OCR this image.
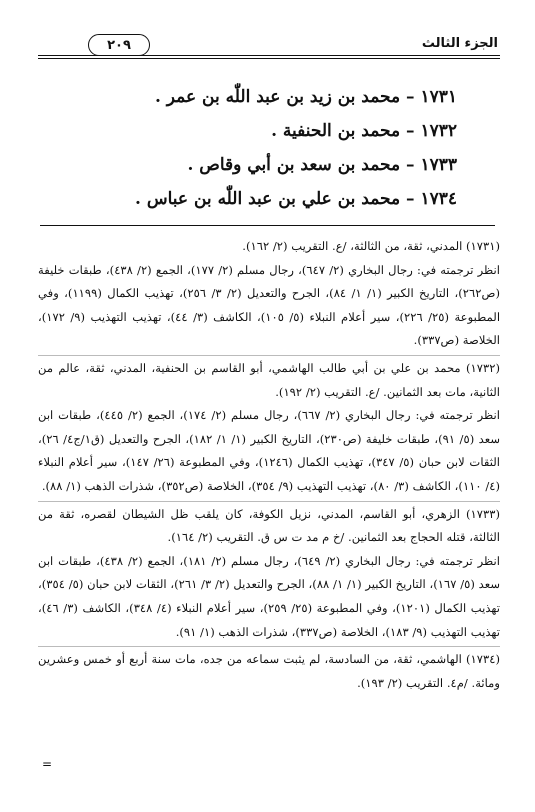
الجزء الثالث
٢٠٩
١٧٣١ – محمد بن زيد بن عبد اللّٰه بن عمر .
١٧٣٢ – محمد بن الحنفية .
١٧٣٣ – محمد بن سعد بن أبي وقاص .
١٧٣٤ – محمد بن علي بن عبد اللّٰه بن عباس .
(١٧٣١) المدني، ثقة، من الثالثة، /ع. التقريب (٢/ ١٦٢).
انظر ترجمته في: رجال البخاري (٢/ ٦٤٧)، رجال مسلم (٢/ ١٧٧)، الجمع (٢/ ٤٣٨)، طبقات خليفة (ص٢٦٢)، التاريخ الكبير (١/ ١/ ٨٤)، الجرح والتعديل (٢/ ٣/ ٢٥٦)، تهذيب الكمال (١١٩٩)، وفي المطبوعة (٢٥/ ٢٢٦)، سير أعلام النبلاء (٥/ ١٠٥)، الكاشف (٣/ ٤٤)، تهذيب التهذيب (٩/ ١٧٢)، الخلاصة (ص٣٣٧).
(١٧٣٢) محمد بن علي بن أبي طالب الهاشمي، أبو القاسم بن الحنفية، المدني، ثقة، عالم من الثانية، مات بعد الثمانين. /ع. التقريب (٢/ ١٩٢).
انظر ترجمته في: رجال البخاري (٢/ ٦٦٧)، رجال مسلم (٢/ ١٧٤)، الجمع (٢/ ٤٤٥)، طبقات ابن سعد (٥/ ٩١)، طبقات خليفة (ص٢٣٠)، التاريخ الكبير (١/ ١/ ١٨٢)، الجرح والتعديل (ق١/ج٤/ ٢٦)، الثقات لابن حبان (٥/ ٣٤٧)، تهذيب الكمال (١٢٤٦)، وفي المطبوعة (٢٦/ ١٤٧)، سير أعلام النبلاء (٤/ ١١٠)، الكاشف (٣/ ٨٠)، تهذيب التهذيب (٩/ ٣٥٤)، الخلاصة (ص٣٥٢)، شذرات الذهب (١/ ٨٨).
(١٧٣٣) الزهري، أبو القاسم، المدني، نزيل الكوفة، كان يلقب ظل الشيطان لقصره، ثقة من الثالثة، قتله الحجاج بعد الثمانين. /خ م مد ت س ق. التقريب (٢/ ١٦٤).
انظر ترجمته في: رجال البخاري (٢/ ٦٤٩)، رجال مسلم (٢/ ١٨١)، الجمع (٢/ ٤٣٨)، طبقات ابن سعد (٥/ ١٦٧)، التاريخ الكبير (١/ ١/ ٨٨)، الجرح والتعديل (٢/ ٣/ ٢٦١)، الثقات لابن حبان (٥/ ٣٥٤)، تهذيب الكمال (١٢٠١)، وفي المطبوعة (٢٥/ ٢٥٩)، سير أعلام النبلاء (٤/ ٣٤٨)، الكاشف (٣/ ٤٦)، تهذيب التهذيب (٩/ ١٨٣)، الخلاصة (ص٣٣٧)، شذرات الذهب (١/ ٩١).
(١٧٣٤) الهاشمي، ثقة، من السادسة، لم يثبت سماعه من جده، مات سنة أربع أو خمس وعشرين ومائة. /م٤. التقريب (٢/ ١٩٣).
=
